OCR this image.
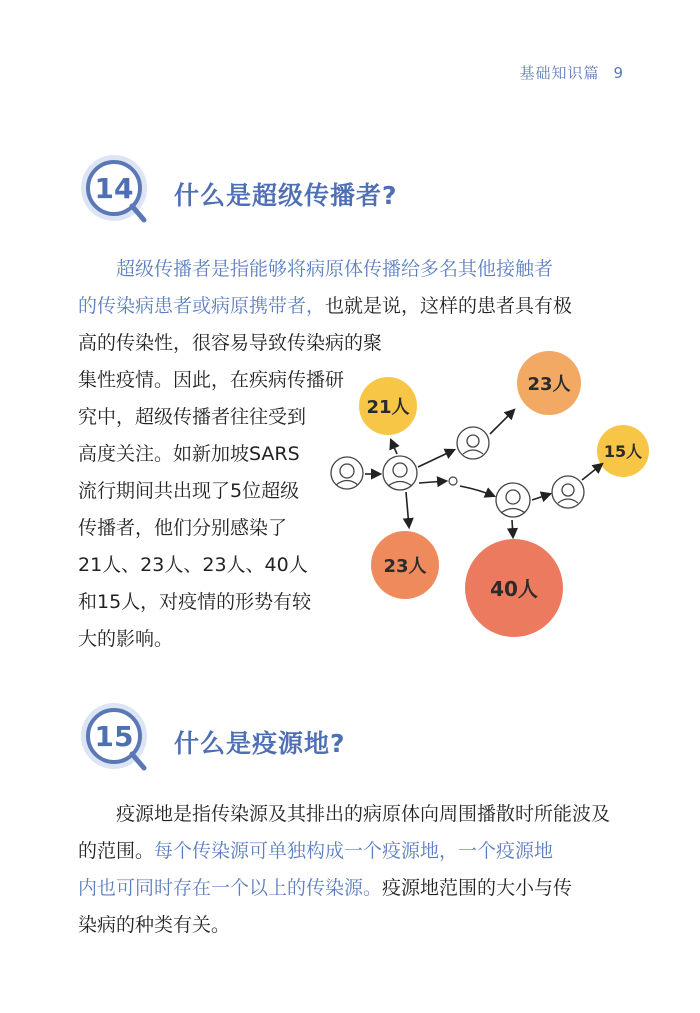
基础知识篇 9
14 什么是超级传播者?
超级传播者是指能够将病原体传播给多名其他接触者
的传染病患者或病原携带者，也就是说，这样的患者具有极
高的传染性，很容易导致传染病的聚
集性疫情。因此，在疾病传播研
究中，超级传播者往往受到
高度关注。如新加坡SARS
流行期间共出现了5位超级
传播者，他们分别感染了
21人、23人、23人、40人
和15人，对疫情的形势有较
大的影响。
21人
23人
15人
23人
40人
15 什么是疫源地?
疫源地是指传染源及其排出的病原体向周围播散时所能波及
的范围。每个传染源可单独构成一个疫源地，一个疫源地
内也可同时存在一个以上的传染源。疫源地范围的大小与传
染病的种类有关。
